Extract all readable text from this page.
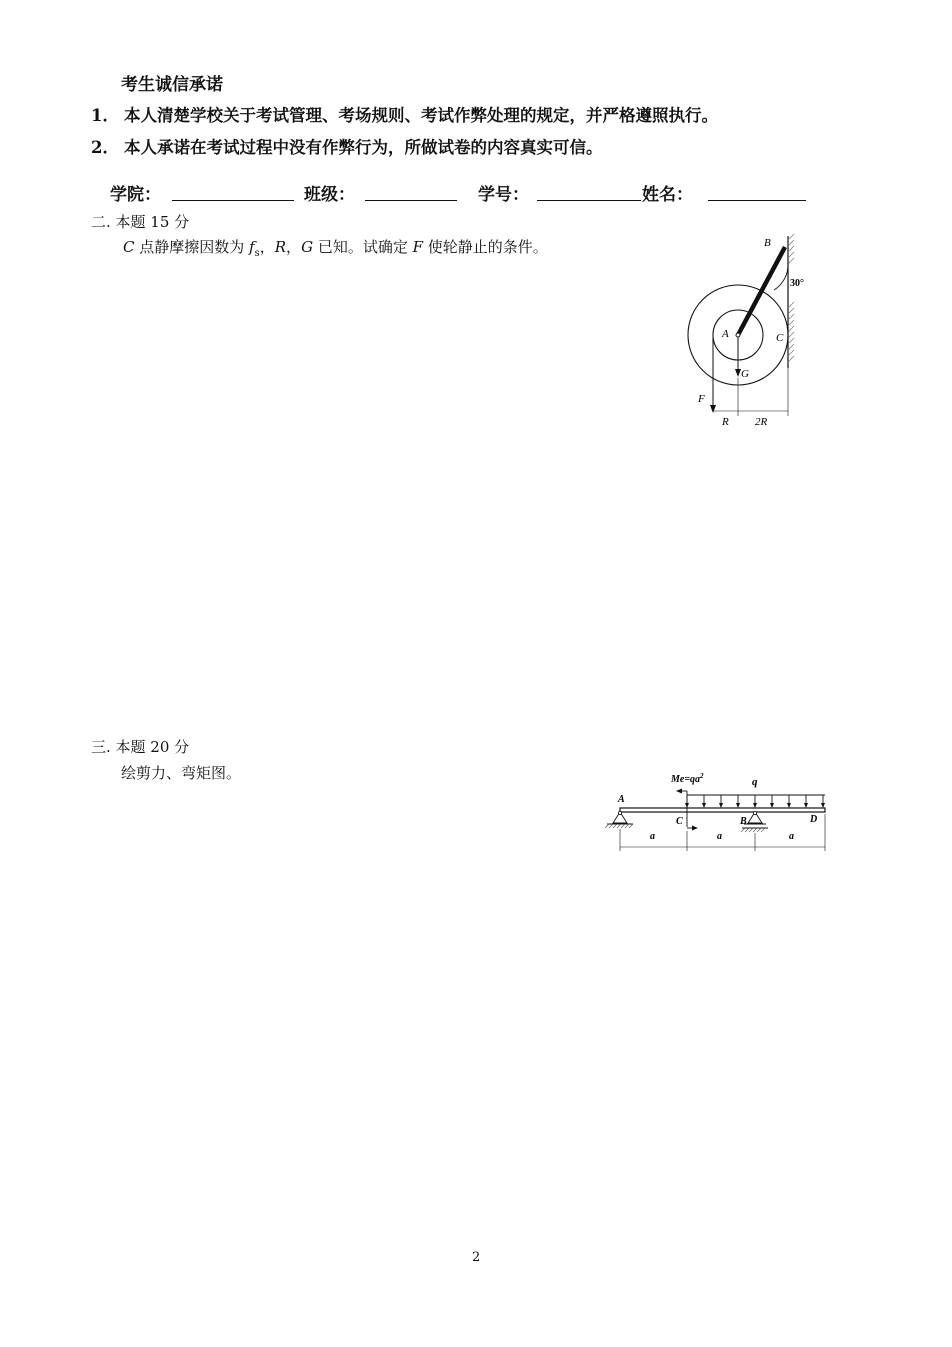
考生诚信承诺
1． 本人清楚学校关于考试管理、考场规则、考试作弊处理的规定，并严格遵照执行。
2． 本人承诺在考试过程中没有作弊行为，所做试卷的内容真实可信。
学院：	班级：	学号：	姓名：
二. 本题 15 分
C 点静摩擦因数为 $f_s$，R，G 已知。试确定 F 使轮静止的条件。	B
30°
A	C
G
F
R 2R
三. 本题 20 分
绘剪力、弯矩图。	$Me=qa^2$	q
A
C	B	D
a	a	a
2
